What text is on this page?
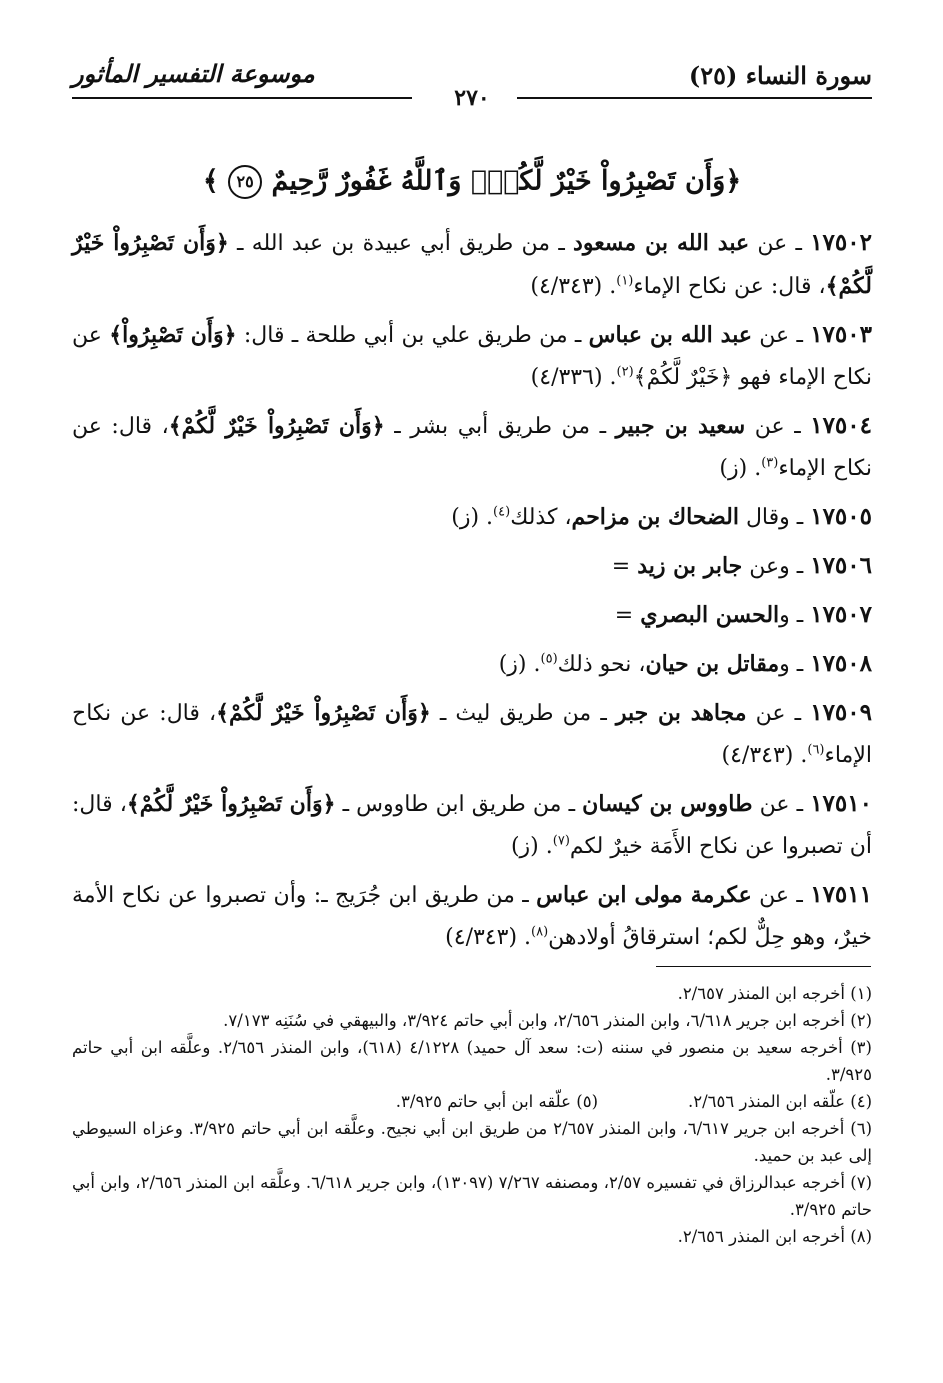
سورة النساء (٢٥)
٢٧٠
موسوعة التفسير المأثور
﴿وَأَن تَصْبِرُواْ خَيْرٌ لَّكُمْۗ وَٱللَّهُ غَفُورٌ رَّحِيمٌ ٢٥ ﴾

١٧٥٠٢ ـ عن عبد الله بن مسعود ـ من طريق أبي عبيدة بن عبد الله ـ ﴿وَأَن تَصْبِرُواْ خَيْرٌ لَّكُمْ﴾، قال: عن نكاح الإماء$^{(١)}$. (٤/٣٤٣)

١٧٥٠٣ ـ عن عبد الله بن عباس ـ من طريق علي بن أبي طلحة ـ قال: ﴿وَأَن تَصْبِرُواْ﴾ عن نكاح الإماء فهو ﴿خَيْرٌ لَّكُمْ﴾$^{(٢)}$. (٤/٣٣٦)

١٧٥٠٤ ـ عن سعيد بن جبير ـ من طريق أبي بشر ـ ﴿وَأَن تَصْبِرُواْ خَيْرٌ لَّكُمْ﴾، قال: عن نكاح الإماء$^{(٣)}$. (ز)

١٧٥٠٥ ـ وقال الضحاك بن مزاحم، كذلك$^{(٤)}$. (ز)

١٧٥٠٦ ـ وعن جابر بن زيد =

١٧٥٠٧ ـ والحسن البصري =

١٧٥٠٨ ـ ومقاتل بن حيان، نحو ذلك$^{(٥)}$. (ز)

١٧٥٠٩ ـ عن مجاهد بن جبر ـ من طريق ليث ـ ﴿وَأَن تَصْبِرُواْ خَيْرٌ لَّكُمْ﴾، قال: عن نكاح الإماء$^{(٦)}$. (٤/٣٤٣)

١٧٥١٠ ـ عن طاووس بن كيسان ـ من طريق ابن طاووس ـ ﴿وَأَن تَصْبِرُواْ خَيْرٌ لَّكُمْ﴾، قال: أن تصبروا عن نكاح الأَمَة خيرٌ لكم$^{(٧)}$. (ز)

١٧٥١١ ـ عن عكرمة مولى ابن عباس ـ من طريق ابن جُرَيج ـ: وأن تصبروا عن نكاح الأمة خيرٌ، وهو حِلٌّ لكم؛ استرقاقُ أولادهن$^{(٨)}$. (٤/٣٤٣)

(١) أخرجه ابن المنذر ٢/٦٥٧.

(٢) أخرجه ابن جرير ٦/٦١٨، وابن المنذر ٢/٦٥٦، وابن أبي حاتم ٣/٩٢٤، والبيهقي في سُنَنِه ٧/١٧٣.

(٣) أخرجه سعيد بن منصور في سننه (ت: سعد آل حميد) ٤/١٢٢٨ (٦١٨)، وابن المنذر ٢/٦٥٦. وعلَّقه ابن أبي حاتم ٣/٩٢٥.

(٤) علّقه ابن المنذر ٢/٦٥٦.

(٥) علّقه ابن أبي حاتم ٣/٩٢٥.

(٦) أخرجه ابن جرير ٦/٦١٧، وابن المنذر ٢/٦٥٧ من طريق ابن أبي نجيح. وعلَّقه ابن أبي حاتم ٣/٩٢٥. وعزاه السيوطي إلى عبد بن حميد.

(٧) أخرجه عبدالرزاق في تفسيره ٢/٥٧، ومصنفه ٧/٢٦٧ (١٣٠٩٧)، وابن جرير ٦/٦١٨. وعلَّقه ابن المنذر ٢/٦٥٦، وابن أبي حاتم ٣/٩٢٥.

(٨) أخرجه ابن المنذر ٢/٦٥٦.
